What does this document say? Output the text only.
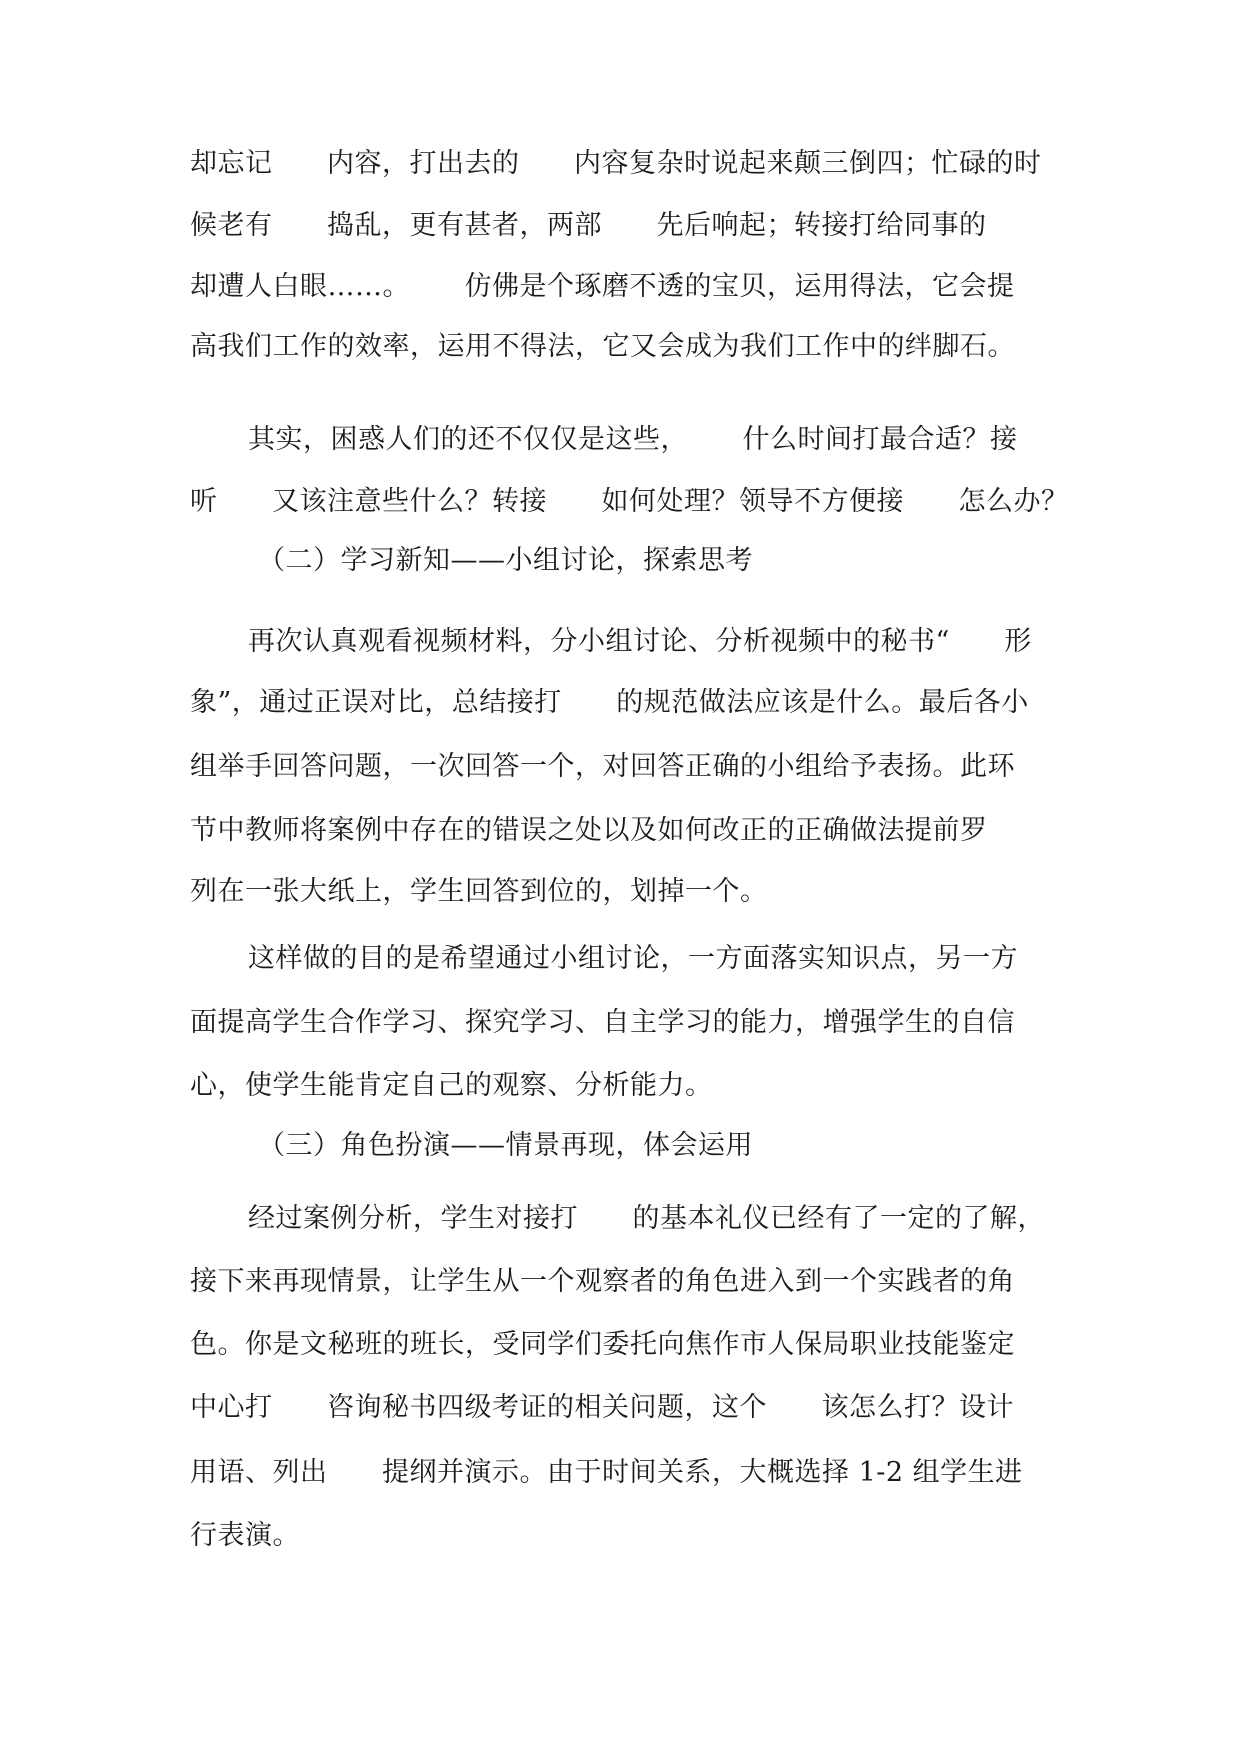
却忘记      内容，打出去的      内容复杂时说起来颠三倒四；忙碌的时
候老有      捣乱，更有甚者，两部      先后响起；转接打给同事的
却遭人白眼……。      仿佛是个琢磨不透的宝贝，运用得法，它会提
高我们工作的效率，运用不得法，它又会成为我们工作中的绊脚石。
其实，困惑人们的还不仅仅是这些，      什么时间打最合适？接
听      又该注意些什么？转接      如何处理？领导不方便接      怎么办？
（二）学习新知——小组讨论，探索思考
再次认真观看视频材料，分小组讨论、分析视频中的秘书“      形
象”，通过正误对比，总结接打      的规范做法应该是什么。最后各小
组举手回答问题，一次回答一个，对回答正确的小组给予表扬。此环
节中教师将案例中存在的错误之处以及如何改正的正确做法提前罗
列在一张大纸上，学生回答到位的，划掉一个。
这样做的目的是希望通过小组讨论，一方面落实知识点，另一方
面提高学生合作学习、探究学习、自主学习的能力，增强学生的自信
心，使学生能肯定自己的观察、分析能力。
（三）角色扮演——情景再现，体会运用
经过案例分析，学生对接打      的基本礼仪已经有了一定的了解，
接下来再现情景，让学生从一个观察者的角色进入到一个实践者的角
色。你是文秘班的班长，受同学们委托向焦作市人保局职业技能鉴定
中心打      咨询秘书四级考证的相关问题，这个      该怎么打？设计
用语、列出      提纲并演示。由于时间关系，大概选择 1-2 组学生进
行表演。
